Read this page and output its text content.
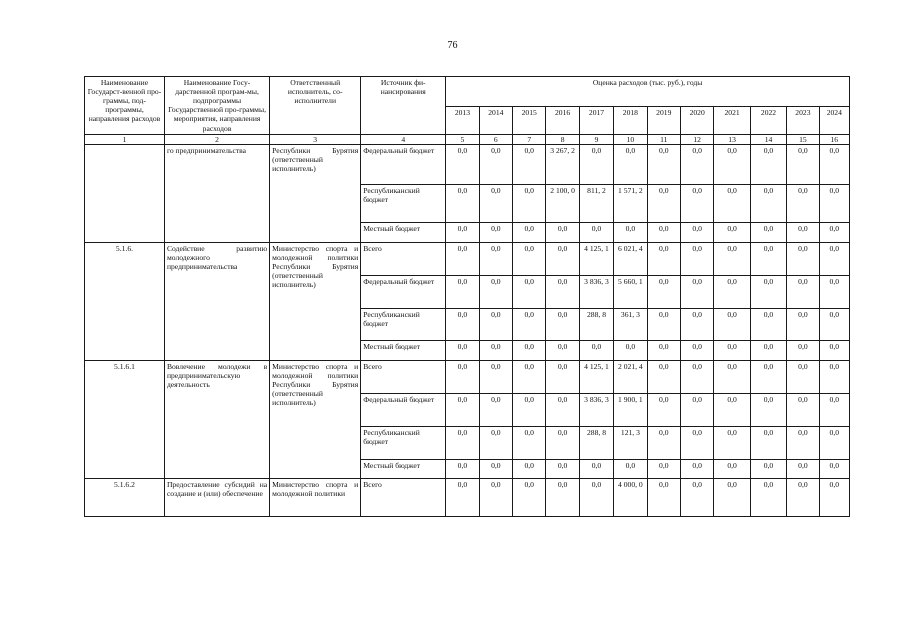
76
Наименование Государст-венной про-граммы, под-программы, направления расходов	Наименование Госу-дарственной програм-мы, подпрограммы Государственной про-граммы, мероприятия, направления расходов	Ответственный исполнитель, со-исполнители	Источник фи-нансирования	Оценка расходов (тыс. руб.), годы											
				2013	2014	2015	2016	2017	2018	2019	2020	2021	2022	2023	2024
1	2	3	4	5	6	7	8	9	10	11	12	13	14	15	16
	го предпринимательства	Республики Бурятия (ответственный исполнитель)	Федеральный бюджет	0,0	0,0	0,0	3 267, 2	0,0	0,0	0,0	0,0	0,0	0,0	0,0	0,0

			Республиканский бюджет	0,0	0,0	0,0	2 100, 0	811, 2	1 571, 2	0,0	0,0	0,0	0,0	0,0	0,0

			Местный бюджет	0,0	0,0	0,0	0,0	0,0	0,0	0,0	0,0	0,0	0,0	0,0	0,0

5.1.6.	Содействие развитию молодежного предпринимательства	Министерство спорта и молодежной политики Республики Бурятия (ответственный исполнитель)	Всего	0,0	0,0	0,0	0,0	4 125, 1	6 021, 4	0,0	0,0	0,0	0,0	0,0	0,0

			Федеральный бюджет	0,0	0,0	0,0	0,0	3 836, 3	5 660, 1	0,0	0,0	0,0	0,0	0,0	0,0

			Республиканский бюджет	0,0	0,0	0,0	0,0	288, 8	361, 3	0,0	0,0	0,0	0,0	0,0	0,0

			Местный бюджет	0,0	0,0	0,0	0,0	0,0	0,0	0,0	0,0	0,0	0,0	0,0	0,0

5.1.6.1	Вовлечение молодежи в предпринимательскую деятельность	Министерство спорта и молодежной политики Республики Бурятия (ответственный исполнитель)	Всего	0,0	0,0	0,0	0,0	4 125, 1	2 021, 4	0,0	0,0	0,0	0,0	0,0	0,0

			Федеральный бюджет	0,0	0,0	0,0	0,0	3 836, 3	1 900, 1	0,0	0,0	0,0	0,0	0,0	0,0

			Республиканский бюджет	0,0	0,0	0,0	0,0	288, 8	121, 3	0,0	0,0	0,0	0,0	0,0	0,0

			Местный бюджет	0,0	0,0	0,0	0,0	0,0	0,0	0,0	0,0	0,0	0,0	0,0	0,0

5.1.6.2	Предоставление субсидий на создание и (или) обеспечение	Министерство спорта и молодежной политики	Всего	0,0	0,0	0,0	0,0	0,0	4 000, 0	0,0	0,0	0,0	0,0	0,0	0,0
